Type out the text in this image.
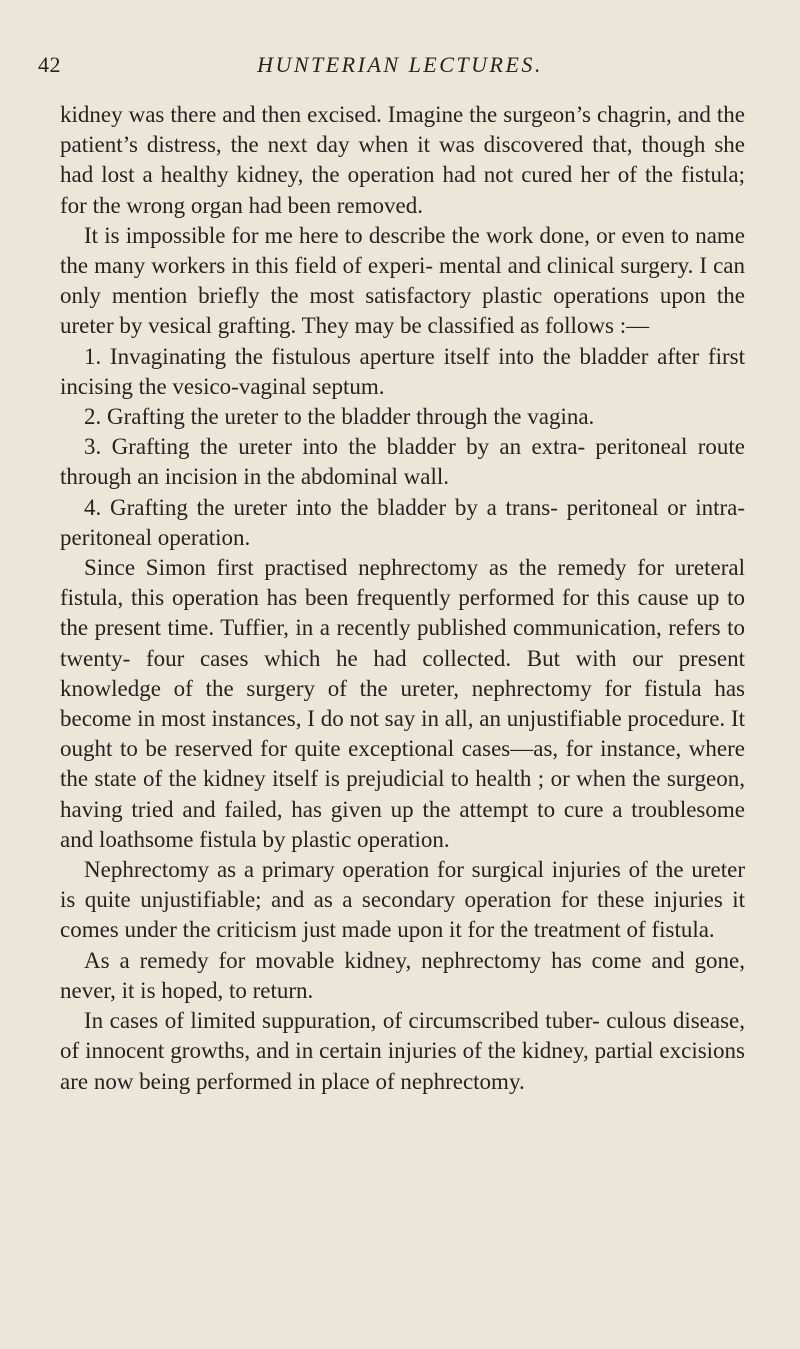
42	HUNTERIAN LECTURES.

kidney was there and then excised. Imagine the surgeon’s chagrin, and the patient’s distress, the next day when it was discovered that, though she had lost a healthy kidney, the operation had not cured her of the fistula; for the wrong organ had been removed.

It is impossible for me here to describe the work done, or even to name the many workers in this field of experi- mental and clinical surgery. I can only mention briefly the most satisfactory plastic operations upon the ureter by vesical grafting. They may be classified as follows :—

1. Invaginating the fistulous aperture itself into the bladder after first incising the vesico-vaginal septum.

2. Grafting the ureter to the bladder through the vagina.

3. Grafting the ureter into the bladder by an extra- peritoneal route through an incision in the abdominal wall.

4. Grafting the ureter into the bladder by a trans- peritoneal or intra-peritoneal operation.

Since Simon first practised nephrectomy as the remedy for ureteral fistula, this operation has been frequently performed for this cause up to the present time. Tuffier, in a recently published communication, refers to twenty- four cases which he had collected. But with our present knowledge of the surgery of the ureter, nephrectomy for fistula has become in most instances, I do not say in all, an unjustifiable procedure. It ought to be reserved for quite exceptional cases—as, for instance, where the state of the kidney itself is prejudicial to health ; or when the surgeon, having tried and failed, has given up the attempt to cure a troublesome and loathsome fistula by plastic operation.

Nephrectomy as a primary operation for surgical injuries of the ureter is quite unjustifiable; and as a secondary operation for these injuries it comes under the criticism just made upon it for the treatment of fistula.

As a remedy for movable kidney, nephrectomy has come and gone, never, it is hoped, to return.

In cases of limited suppuration, of circumscribed tuber- culous disease, of innocent growths, and in certain injuries of the kidney, partial excisions are now being performed in place of nephrectomy.
